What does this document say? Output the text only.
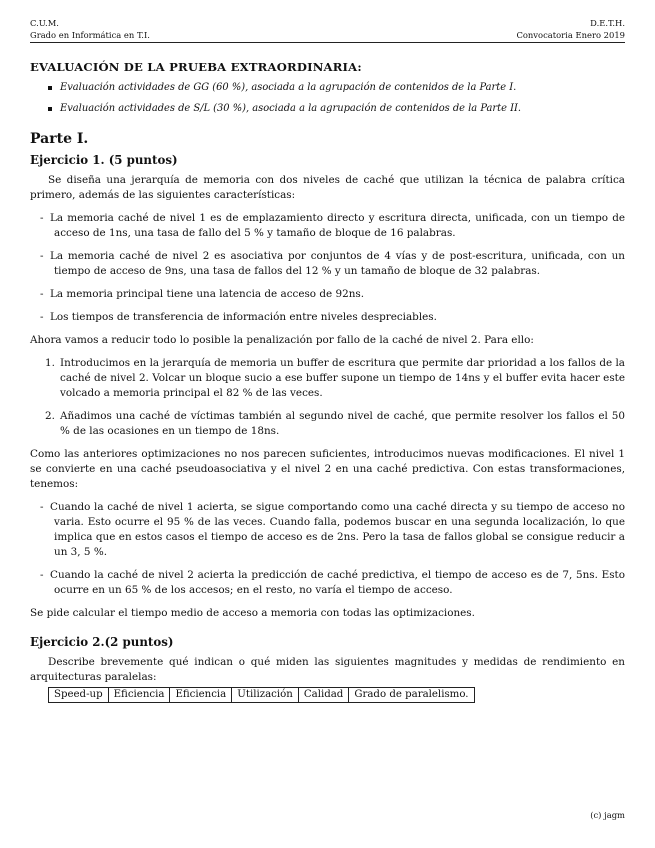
C.U.M.	D.E.T.H.
Grado en Informática en T.I.	Convocatoria Enero 2019
EVALUACIÓN DE LA PRUEBA EXTRAORDINARIA:
Evaluación actividades de GG (60 %), asociada a la agrupación de contenidos de la Parte I.
Evaluación actividades de S/L (30 %), asociada a la agrupación de contenidos de la Parte II.
Parte I.
Ejercicio 1. (5 puntos)

Se diseña una jerarquía de memoria con dos niveles de caché que utilizan la técnica de palabra crítica primero, además de las siguientes características:

- La memoria caché de nivel 1 es de emplazamiento directo y escritura directa, unificada, con un tiempo de acceso de 1ns, una tasa de fallo del 5 % y tamaño de bloque de 16 palabras.

- La memoria caché de nivel 2 es asociativa por conjuntos de 4 vías y de post-escritura, unificada, con un tiempo de acceso de 9ns, una tasa de fallos del 12 % y un tamaño de bloque de 32 palabras.

- La memoria principal tiene una latencia de acceso de 92ns.

- Los tiempos de transferencia de información entre niveles despreciables.

Ahora vamos a reducir todo lo posible la penalización por fallo de la caché de nivel 2. Para ello:

1. Introducimos en la jerarquía de memoria un buffer de escritura que permite dar prioridad a los fallos de la caché de nivel 2. Volcar un bloque sucio a ese buffer supone un tiempo de 14ns y el buffer evita hacer este volcado a memoria principal el 82 % de las veces.
2. Añadimos una caché de víctimas también al segundo nivel de caché, que permite resolver los fallos el 50 % de las ocasiones en un tiempo de 18ns.

Como las anteriores optimizaciones no nos parecen suficientes, introducimos nuevas modificaciones. El nivel 1 se convierte en una caché pseudoasociativa y el nivel 2 en una caché predictiva. Con estas transformaciones, tenemos:

- Cuando la caché de nivel 1 acierta, se sigue comportando como una caché directa y su tiempo de acceso no varia. Esto ocurre el 95 % de las veces. Cuando falla, podemos buscar en una segunda localización, lo que implica que en estos casos el tiempo de acceso es de 2ns. Pero la tasa de fallos global se consigue reducir a un 3, 5 %.

- Cuando la caché de nivel 2 acierta la predicción de caché predictiva, el tiempo de acceso es de 7, 5ns. Esto ocurre en un 65 % de los accesos; en el resto, no varía el tiempo de acceso.

Se pide calcular el tiempo medio de acceso a memoria con todas las optimizaciones.

Ejercicio 2.(2 puntos)

Describe brevemente qué indican o qué miden las siguientes magnitudes y medidas de rendimiento en arquitecturas paralelas:

Speed-up	Eficiencia	Eficiencia	Utilización	Calidad	Grado de paralelismo.
(c) jagm
